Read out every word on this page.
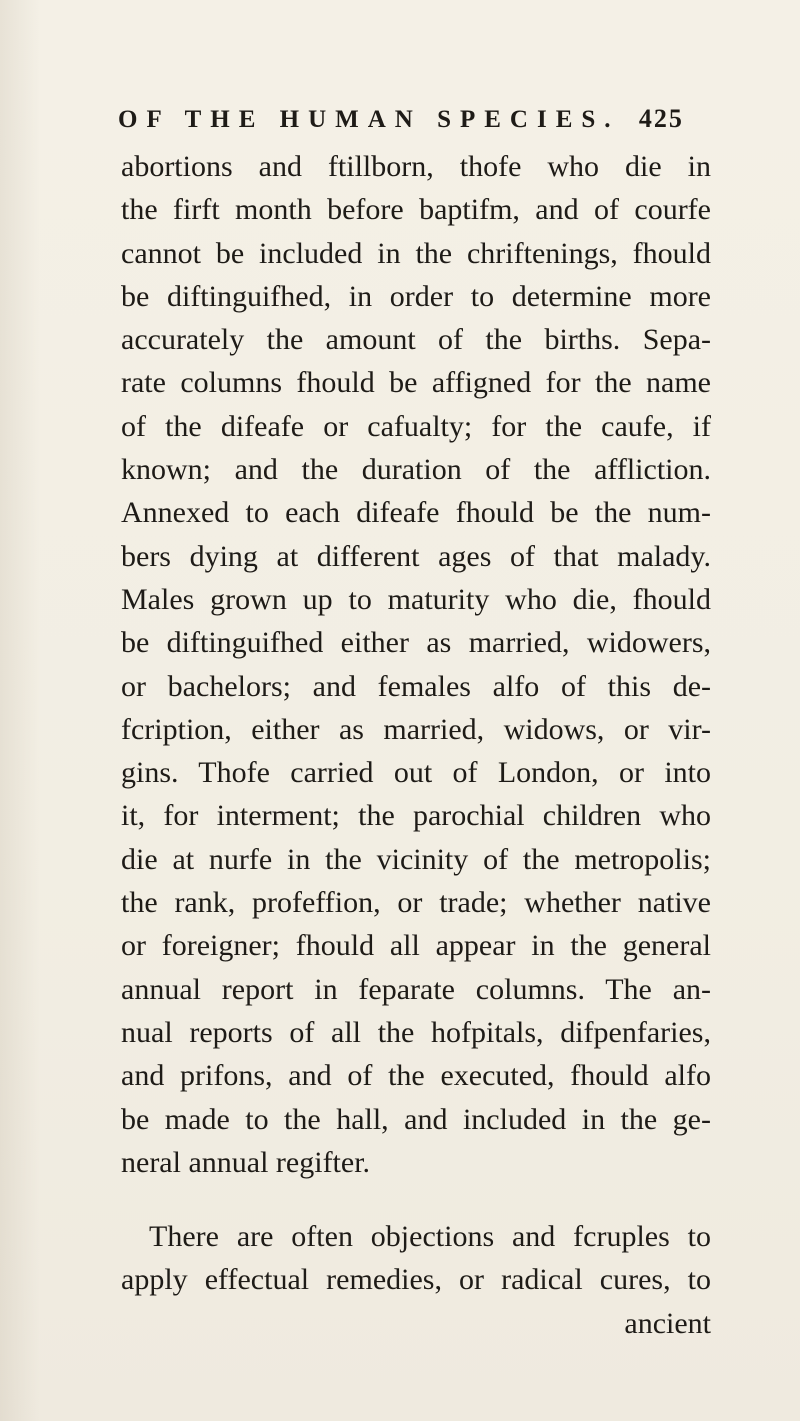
OF THE HUMAN SPECIES. 425
abortions and ftillborn, thofe who die in
the firft month before baptifm, and of courfe
cannot be included in the chriftenings, fhould
be diftinguifhed, in order to determine more
accurately the amount of the births. Sepa-
rate columns fhould be affigned for the name
of the difeafe or cafualty; for the caufe, if
known; and the duration of the affliction.
Annexed to each difeafe fhould be the num-
bers dying at different ages of that malady.
Males grown up to maturity who die, fhould
be diftinguifhed either as married, widowers,
or bachelors; and females alfo of this de-
fcription, either as married, widows, or vir-
gins. Thofe carried out of London, or into
it, for interment; the parochial children who
die at nurfe in the vicinity of the metropolis;
the rank, profeffion, or trade; whether native
or foreigner; fhould all appear in the general
annual report in feparate columns. The an-
nual reports of all the hofpitals, difpenfaries,
and prifons, and of the executed, fhould alfo
be made to the hall, and included in the ge-
neral annual regifter.
There are often objections and fcruples to
apply effectual remedies, or radical cures, to
ancient
